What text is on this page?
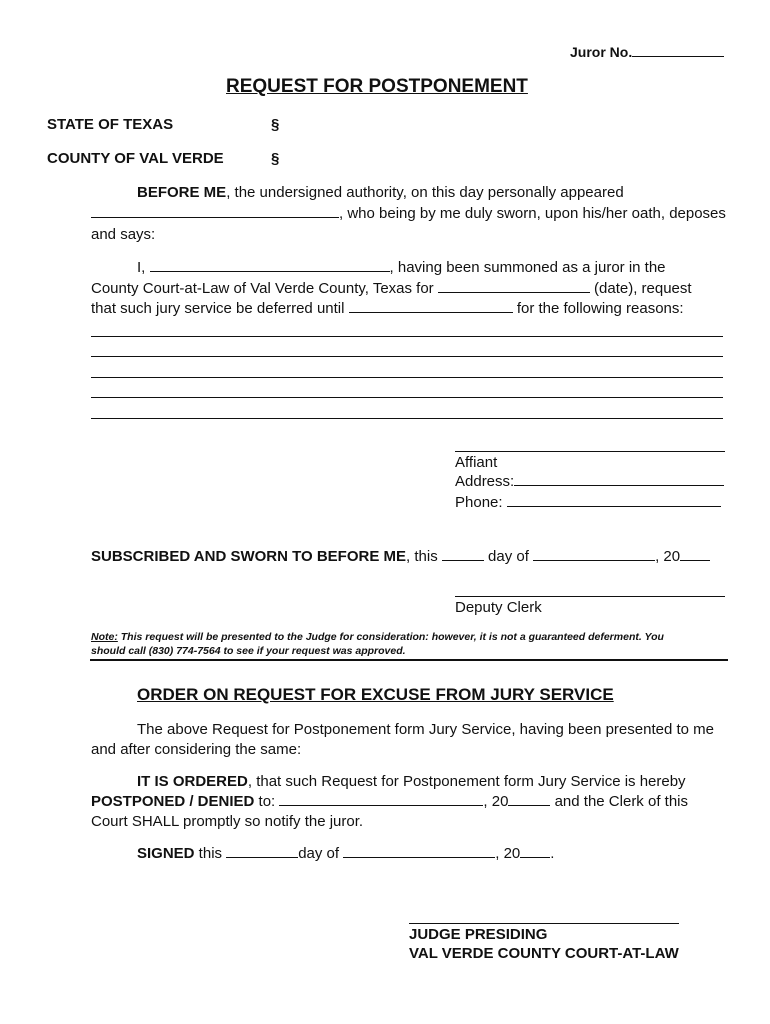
Juror No.
REQUEST FOR POSTPONEMENT
STATE OF TEXAS	§
COUNTY OF VAL VERDE	§
BEFORE ME, the undersigned authority, on this day personally appeared
, who being by me duly sworn, upon his/her oath, deposes
and says:
I,	, having been summoned as a juror in the
County Court-at-Law of Val Verde County, Texas for	(date), request
that such jury service be deferred until	for the following reasons:
Affiant
Address:
Phone:
SUBSCRIBED AND SWORN TO BEFORE ME, this	day of	, 20
Deputy Clerk
Note: This request will be presented to the Judge for consideration: however, it is not a guaranteed deferment. You
should call (830) 774-7564 to see if your request was approved.
ORDER ON REQUEST FOR EXCUSE FROM JURY SERVICE
The above Request for Postponement form Jury Service, having been presented to me
and after considering the same:
IT IS ORDERED, that such Request for Postponement form Jury Service is hereby
POSTPONED / DENIED to:	, 20	and the Clerk of this
Court SHALL promptly so notify the juror.
SIGNED this	day of	, 20 .
JUDGE PRESIDING
VAL VERDE COUNTY COURT-AT-LAW
